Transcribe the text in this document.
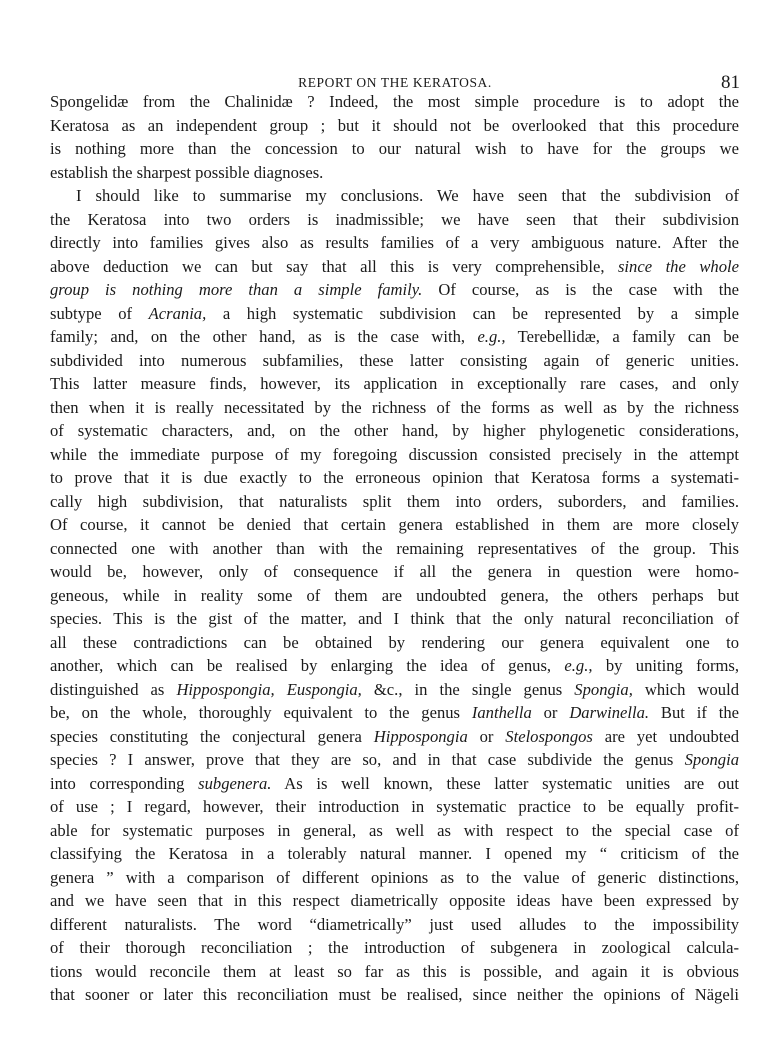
REPORT ON THE KERATOSA.	81
Spongelidæ from the Chalinidæ ? Indeed, the most simple procedure is to adopt the
Keratosa as an independent group ; but it should not be overlooked that this procedure
is nothing more than the concession to our natural wish to have for the groups we
establish the sharpest possible diagnoses.
I should like to summarise my conclusions. We have seen that the subdivision of
the Keratosa into two orders is inadmissible; we have seen that their subdivision
directly into families gives also as results families of a very ambiguous nature. After the
above deduction we can but say that all this is very comprehensible, since the whole
group is nothing more than a simple family. Of course, as is the case with the
subtype of Acrania, a high systematic subdivision can be represented by a simple
family; and, on the other hand, as is the case with, e.g., Terebellidæ, a family can be
subdivided into numerous subfamilies, these latter consisting again of generic unities.
This latter measure finds, however, its application in exceptionally rare cases, and only
then when it is really necessitated by the richness of the forms as well as by the richness
of systematic characters, and, on the other hand, by higher phylogenetic considerations,
while the immediate purpose of my foregoing discussion consisted precisely in the attempt
to prove that it is due exactly to the erroneous opinion that Keratosa forms a systemati-
cally high subdivision, that naturalists split them into orders, suborders, and families.
Of course, it cannot be denied that certain genera established in them are more closely
connected one with another than with the remaining representatives of the group. This
would be, however, only of consequence if all the genera in question were homo-
geneous, while in reality some of them are undoubted genera, the others perhaps but
species. This is the gist of the matter, and I think that the only natural reconciliation of
all these contradictions can be obtained by rendering our genera equivalent one to
another, which can be realised by enlarging the idea of genus, e.g., by uniting forms,
distinguished as Hippospongia, Euspongia, &c., in the single genus Spongia, which would
be, on the whole, thoroughly equivalent to the genus Ianthella or Darwinella. But if the
species constituting the conjectural genera Hippospongia or Stelospongos are yet undoubted
species ? I answer, prove that they are so, and in that case subdivide the genus Spongia
into corresponding subgenera. As is well known, these latter systematic unities are out
of use ; I regard, however, their introduction in systematic practice to be equally profit-
able for systematic purposes in general, as well as with respect to the special case of
classifying the Keratosa in a tolerably natural manner. I opened my “ criticism of the
genera ” with a comparison of different opinions as to the value of generic distinctions,
and we have seen that in this respect diametrically opposite ideas have been expressed by
different naturalists. The word “diametrically” just used alludes to the impossibility
of their thorough reconciliation ; the introduction of subgenera in zoological calcula-
tions would reconcile them at least so far as this is possible, and again it is obvious
that sooner or later this reconciliation must be realised, since neither the opinions of Nägeli
